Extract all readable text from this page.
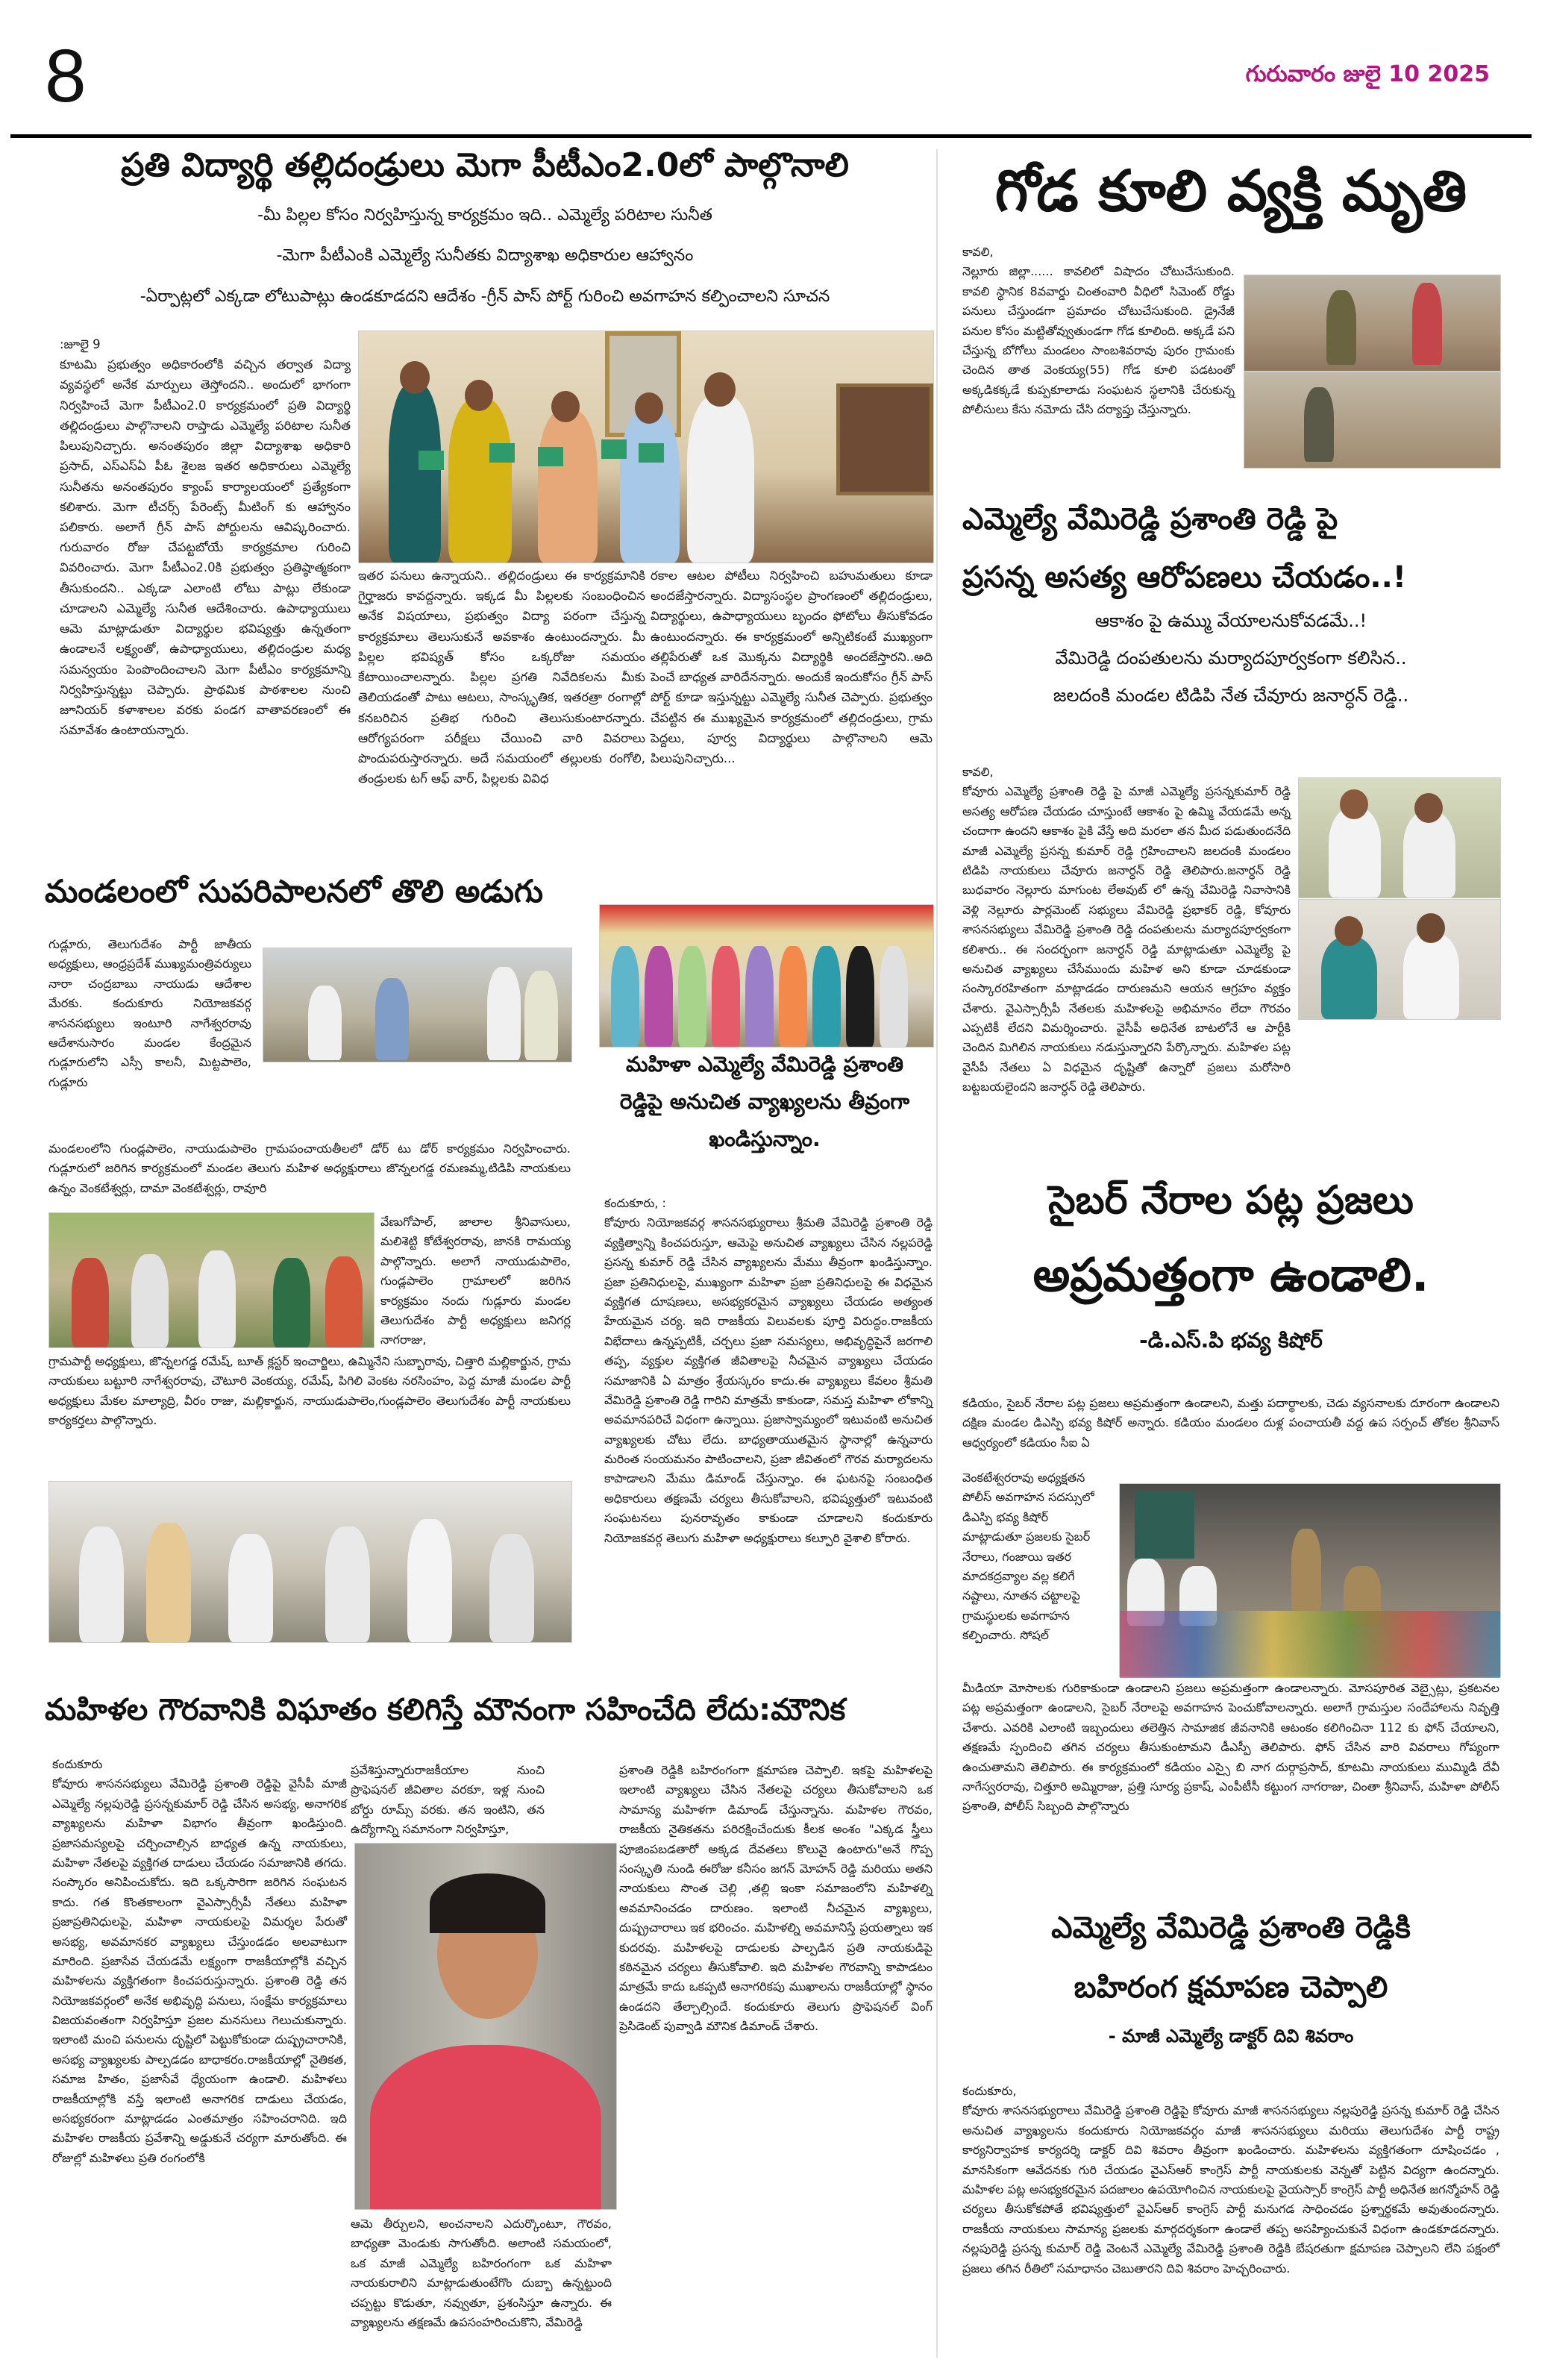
8	గురువారం జులై 10 2025
ప్రతి విద్యార్థి తల్లిదండ్రులు మెగా పీటీఎం2.0లో పాల్గొనాలి
-మీ పిల్లల కోసం నిర్వహిస్తున్న కార్యక్రమం ఇది.. ఎమ్మెల్యే పరిటాల సునీత
-మెగా పీటీఎంకి ఎమ్మెల్యే సునీతకు విద్యాశాఖ అధికారుల ఆహ్వానం
-ఏర్పాట్లలో ఎక్కడా లోటుపాట్లు ఉండకూడదని ఆదేశం -గ్రీన్ పాస్ పోర్ట్ గురించి అవగాహన కల్పించాలని సూచన

:జూలై 9

కూటమి ప్రభుత్వం అధికారంలోకి వచ్చిన తర్వాత విద్యా వ్యవస్థలో అనేక మార్పులు తెస్తోందని.. అందులో భాగంగా నిర్వహించే మెగా పీటీఎం2.0 కార్యక్రమంలో ప్రతి విద్యార్థి తల్లిదండ్రులు పాల్గొనాలని రాప్తాడు ఎమ్మెల్యే పరిటాల సునీత పిలుపునిచ్చారు. అనంతపురం జిల్లా విద్యాశాఖ అధికారి ప్రసాద్, ఎస్ఎస్ఏ పీఓ శైలజ ఇతర అధికారులు ఎమ్మెల్యే సునీతను అనంతపురం క్యాంప్ కార్యాలయంలో ప్రత్యేకంగా కలిశారు. మెగా టీచర్స్ పేరెంట్స్ మీటింగ్ కు ఆహ్వానం పలికారు. అలాగే గ్రీన్ పాస్ పోర్టులను ఆవిష్కరించారు. గురువారం రోజు చేపట్టబోయే కార్యక్రమాల గురించి వివరించారు. మెగా పీటీఎం2.0కి ప్రభుత్వం ప్రతిష్ఠాత్మకంగా తీసుకుందని.. ఎక్కడా ఎలాంటి లోటు పాట్లు లేకుండా చూడాలని ఎమ్మెల్యే సునీత ఆదేశించారు. ఉపాధ్యాయులు ఆమె మాట్లాడుతూ విద్యార్థుల భవిష్యత్తు ఉన్నతంగా ఉండాలనే లక్ష్యంతో, ఉపాధ్యాయులు, తల్లిదండ్రుల మధ్య సమన్వయం పెంపొందించాలని మెగా పీటీఎం కార్యక్రమాన్ని నిర్వహిస్తున్నట్టు చెప్పారు. ప్రాథమిక పాఠశాలల నుంచి జూనియర్ కళాశాలల వరకు పండగ వాతావరణంలో ఈ సమావేశం ఉంటాయన్నారు.

ఇతర పనులు ఉన్నాయని.. తల్లిదండ్రులు ఈ కార్యక్రమానికి గైర్హాజరు కావద్దన్నారు. ఇక్కడ మీ పిల్లలకు సంబంధించిన అనేక విషయాలు, ప్రభుత్వం విద్యా పరంగా చేస్తున్న కార్యక్రమాలు తెలుసుకునే అవకాశం ఉంటుందన్నారు. మీ పిల్లల భవిష్యత్ కోసం ఒక్కరోజు సమయం కేటాయించాలన్నారు. పిల్లల ప్రగతి నివేదికలను మీకు తెలియడంతో పాటు ఆటలు, సాంస్కృతిక, ఇతరత్రా రంగాల్లో కనబరిచిన ప్రతిభ గురించి తెలుసుకుంటారన్నారు. ఆరోగ్యపరంగా పరీక్షలు చేయించి వారి వివరాలు పొందుపరుస్తారన్నారు. అదే సమయంలో తల్లులకు రంగోలి, తండ్రులకు టగ్ ఆఫ్ వార్, పిల్లలకు వివిధ

రకాల ఆటల పోటీలు నిర్వహించి బహుమతులు కూడా అందజేస్తారన్నారు. విద్యాసంస్థల ప్రాంగణంలో తల్లిదండ్రులు, విద్యార్థులు, ఉపాధ్యాయులు బృందం ఫోటోలు తీసుకోవడం ఉంటుందన్నారు. ఈ కార్యక్రమంలో అన్నిటికంటే ముఖ్యంగా తల్లిపేరుతో ఒక మొక్కను విద్యార్థికి అందజేస్తారని..అది పెంచే బాధ్యత వారిదేనన్నారు. అందుకే ఇందుకోసం గ్రీన్ పాస్ పోర్ట్ కూడా ఇస్తున్నట్టు ఎమ్మెల్యే సునీత చెప్పారు. ప్రభుత్వం చేపట్టిన ఈ ముఖ్యమైన కార్యక్రమంలో తల్లిదండ్రులు, గ్రామ పెద్దలు, పూర్వ విద్యార్థులు పాల్గొనాలని ఆమె పిలుపునిచ్చారు...

గోడ కూలి వ్యక్తి మృతి

కావలి,

నెల్లూరు జిల్లా...... కావలిలో విషాదం చోటుచేసుకుంది. కావలి స్థానిక 8వవార్డు చింతంవారి వీధిలో సిమెంట్ రోడ్డు పనులు చేస్తుండగా ప్రమాదం చోటుచేసుకుంది. డ్రైనేజీ పనుల కోసం మట్టితోవ్వుతుండగా గోడ కూలింది. అక్కడే పని చేస్తున్న బోగోలు మండలం సాంబశివరావు పురం గ్రామంకు చెందిన తాత వెంకయ్య(55) గోడ కూలి పడటంతో అక్కడికక్కడే కుప్పకూలాడు సంఘటన స్థలానికి చేరుకున్న పోలీసులు కేసు నమోదు చేసి దర్యాప్తు చేస్తున్నారు.

ఎమ్మెల్యే వేమిరెడ్డి ప్రశాంతి రెడ్డి పై
ప్రసన్న అసత్య ఆరోపణలు చేయడం..!
ఆకాశం పై ఉమ్ము వేయాలనుకోవడమే..!
వేమిరెడ్డి దంపతులను మర్యాదపూర్వకంగా కలిసిన..
జలదంకి మండల టిడిపి నేత చేవూరు జనార్ధన్ రెడ్డి..

కావలి,

కోవూరు ఎమ్మెల్యే ప్రశాంతి రెడ్డి పై మాజీ ఎమ్మెల్యే ప్రసన్నకుమార్ రెడ్డి అసత్య ఆరోపణ చేయడం చూస్తుంటే ఆకాశం పై ఉమ్మి వేయడమే అన్న చందాగా ఉందని ఆకాశం పైకి వేస్తే అది మరలా తన మీద పడుతుందనేది మాజీ ఎమ్మెల్యే ప్రసన్న కుమార్ రెడ్డి గ్రహించాలని జలదంకి మండలం టిడిపి నాయకులు చేవూరు జనార్ధన్ రెడ్డి తెలిపారు.జనార్ధన్ రెడ్డి బుధవారం నెల్లూరు మాగుంట లేఅవుట్ లో ఉన్న వేమిరెడ్డి నివాసానికి వెళ్లి నెల్లూరు పార్లమెంట్ సభ్యులు వేమిరెడ్డి ప్రభాకర్ రెడ్డి, కోవూరు శాసనసభ్యులు వేమిరెడ్డి ప్రశాంతి రెడ్డి దంపతులను మర్యాదపూర్వకంగా కలిశారు.. ఈ సందర్భంగా జనార్ధన్ రెడ్డి మాట్లాడుతూ ఎమ్మెల్యే పై అనుచిత వ్యాఖ్యలు చేసేముందు మహిళ అని కూడా చూడకుండా సంస్కారరహితంగా మాట్లాడడం దారుణమని ఆయన ఆగ్రహం వ్యక్తం చేశారు. వైఎస్సార్సీపీ నేతలకు మహిళలపై అభిమానం లేదా గౌరవం ఎప్పటికీ లేదని విమర్శించారు. వైసీపీ అధినేత బాటలోనే ఆ పార్టీకి చెందిన మిగిలిన నాయకులు నడుస్తున్నారని పేర్కొన్నారు. మహిళల పట్ల వైసీపీ నేతలు ఏ విధమైన దృష్టితో ఉన్నారో ప్రజలు మరోసారి బట్టబయలైందని జనార్ధన్ రెడ్డి తెలిపారు.

మండలంలో సుపరిపాలనలో తొలి అడుగు

గుడ్లూరు, తెలుగుదేశం పార్టీ జాతీయ అధ్యక్షులు, ఆంధ్రప్రదేశ్ ముఖ్యమంత్రివర్యులు నారా చంద్రబాబు నాయుడు ఆదేశాల మేరకు. కందుకూరు నియోజకవర్గ శాసనసభ్యులు ఇంటూరి నాగేశ్వరరావు ఆదేశానుసారం మండల కేంద్రమైన గుడ్లూరులోని ఎస్సీ కాలనీ, మిట్టపాలెం, గుడ్లూరు

మండలంలోని గుండ్లపాలెం, నాయుడుపాలెం గ్రామపంచాయతీలలో డోర్ టు డోర్ కార్యక్రమం నిర్వహించారు. గుడ్లూరులో జరిగిన కార్యక్రమంలో మండల తెలుగు మహిళ అధ్యక్షురాలు జొన్నలగడ్డ రమణమ్మ,టిడిపి నాయకులు ఉన్నం వెంకటేశ్వర్లు, దామా వెంకటేశ్వర్లు, రావూరి

వేణుగోపాల్, జాలాల శ్రీనివాసులు, మలిశెట్టి కోటేశ్వరరావు, జానకి రామయ్య పాల్గొన్నారు. అలాగే నాయుడుపాలెం, గుండ్లపాలెం గ్రామాలలో జరిగిన కార్యక్రమం నందు గుడ్లూరు మండల తెలుగుదేశం పార్టీ అధ్యక్షులు జనిగర్ల నాగరాజు,

గ్రామపార్టీ అధ్యక్షులు, జొన్నలగడ్డ రమేష్, బూత్ క్లస్టర్ ఇంచార్జిలు, ఉమ్మినేని సుబ్బారావు, చిత్తారి మల్లికార్జున, గ్రామ నాయకులు బట్టూరి నాగేశ్వరరావు, చౌటూరి వెంకయ్య, రమేష్, పిగిలి వెంకట నరసింహం, పెద్ద మాజీ మండల పార్టీ అధ్యక్షులు మేకల మాల్యాద్రి, వీరం రాజు, మల్లికార్జున, నాయుడుపాలెం,గుండ్లపాలెం తెలుగుదేశం పార్టీ నాయకులు కార్యకర్తలు పాల్గొన్నారు.

మహిళా ఎమ్మెల్యే వేమిరెడ్డి ప్రశాంతి
రెడ్డిపై అనుచిత వ్యాఖ్యలను తీవ్రంగా
ఖండిస్తున్నాం.

కందుకూరు, :

కోవూరు నియోజకవర్గ శాసనసభ్యురాలు శ్రీమతి వేమిరెడ్డి ప్రశాంతి రెడ్డి వ్యక్తిత్వాన్ని కించపరుస్తూ, ఆమెపై అనుచిత వ్యాఖ్యలు చేసిన నల్లపరెడ్డి ప్రసన్న కుమార్ రెడ్డి చేసిన వ్యాఖ్యలను మేము తీవ్రంగా ఖండిస్తున్నాం. ప్రజా ప్రతినిధులపై, ముఖ్యంగా మహిళా ప్రజా ప్రతినిధులపై ఈ విధమైన వ్యక్తిగత దూషణలు, అసభ్యకరమైన వ్యాఖ్యలు చేయడం అత్యంత హేయమైన చర్య. ఇది రాజకీయ విలువలకు పూర్తి విరుద్ధం.రాజకీయ విభేదాలు ఉన్నప్పటికీ, చర్చలు ప్రజా సమస్యలు, అభివృద్ధిపైనే జరగాలి తప్ప, వ్యక్తుల వ్యక్తిగత జీవితాలపై నీచమైన వ్యాఖ్యలు చేయడం సమాజానికి ఏ మాత్రం శ్రేయస్కరం కాదు.ఈ వ్యాఖ్యలు కేవలం శ్రీమతి వేమిరెడ్డి ప్రశాంతి రెడ్డి గారిని మాత్రమే కాకుండా, సమస్త మహిళా లోకాన్ని అవమానపరిచే విధంగా ఉన్నాయి. ప్రజాస్వామ్యంలో ఇటువంటి అనుచిత వ్యాఖ్యలకు చోటు లేదు. బాధ్యతాయుతమైన స్థానాల్లో ఉన్నవారు మరింత సంయమనం పాటించాలని, ప్రజా జీవితంలో గౌరవ మర్యాదలను కాపాడాలని మేము డిమాండ్ చేస్తున్నాం. ఈ ఘటనపై సంబంధిత అధికారులు తక్షణమే చర్యలు తీసుకోవాలని, భవిష్యత్తులో ఇటువంటి సంఘటనలు పునరావృతం కాకుండా చూడాలని కందుకూరు నియోజకవర్గ తెలుగు మహిళా అధ్యక్షురాలు కల్పూరి వైశాలి కోరారు.

సైబర్ నేరాల పట్ల ప్రజలు
అప్రమత్తంగా ఉండాలి.
-డి.ఎస్.పి భవ్య కిషోర్

కడియం, సైబర్ నేరాల పట్ల ప్రజలు అప్రమత్తంగా ఉండాలని, మత్తు పదార్థాలకు, చెడు వ్యసనాలకు దూరంగా ఉండాలని దక్షిణ మండల డిఎస్పి భవ్య కిషోర్ అన్నారు. కడియం మండలం దుళ్ల పంచాయతీ వద్ద ఉప సర్పంచ్ తోకల శ్రీనివాస్ ఆధ్వర్యంలో కడియం సీఐ ఏ

వెంకటేశ్వరరావు అధ్యక్షతన పోలీస్ అవగాహన సదస్సులో డిఎస్పి భవ్య కిషోర్ మాట్లాడుతూ ప్రజలకు సైబర్ నేరాలు, గంజాయి ఇతర మాదకద్రవ్యాల వల్ల కలిగే నష్టాలు, నూతన చట్టాలపై గ్రామస్థులకు అవగాహన కల్పించారు. సోషల్

మీడియా మోసాలకు గురికాకుండా ఉండాలని ప్రజలు అప్రమత్తంగా ఉండాలన్నారు. మోసపూరిత వెబ్సైట్లు, ప్రకటనల పట్ల అప్రమత్తంగా ఉండాలని, సైబర్ నేరాలపై అవగాహన పెంచుకోవాలన్నారు. అలాగే గ్రామస్తుల సందేహాలను నివృత్తి చేశారు. ఎవరికి ఎలాంటి ఇబ్బందులు తలెత్తిన సామాజిక జీవనానికి ఆటంకం కలిగించినా 112 కు ఫోన్ చేయాలని, తక్షణమే స్పందించి తగిన చర్యలు తీసుకుంటామని డీఎస్పీ తెలిపారు. ఫోన్ చేసిన వారి వివరాలు గోప్యంగా ఉంచుతామని తెలిపారు. ఈ కార్యక్రమంలో కడియం ఎస్సై బి నాగ దుర్గాప్రసాద్, కూటమి నాయకులు ముమ్మిడి దేవీ నాగేస్వరరావు, చిత్తూరి అమ్మిరాజు, ప్రత్తి సూర్య ప్రకాష్, ఎంపీటీసీ కట్టుంగ నాగరాజు, చింతా శ్రీనివాస్, మహిళా పోలీస్ ప్రశాంతి, పోలీస్ సిబ్బంది పాల్గొన్నారు

మహిళల గౌరవానికి విఘాతం కలిగిస్తే మౌనంగా సహించేది లేదు:మౌనిక

కందుకూరు

కోవూరు శాసనసభ్యులు వేమిరెడ్డి ప్రశాంతి రెడ్డిపై వైసీపీ మాజీ ఎమ్మెల్యే నల్లపురెడ్డి ప్రసన్నకుమార్ రెడ్డి చేసిన అసభ్య, అనాగరిక వ్యాఖ్యలను మహిళా విభాగం తీవ్రంగా ఖండిస్తుంది. ప్రజాసమస్యలపై చర్చించాల్సిన బాధ్యత ఉన్న నాయకులు, మహిళా నేతలపై వ్యక్తిగత దాడులు చేయడం సమాజానికి తగదు. సంస్కారం అనిపించుకోదు. ఇది ఒక్కసారిగా జరిగిన సంఘటన కాదు. గత కొంతకాలంగా వైఎస్సార్సీపీ నేతలు మహిళా ప్రజాప్రతినిధులపై, మహిళా నాయకులపై విమర్శల పేరుతో అసభ్య, అవమానకర వ్యాఖ్యలు చేస్తుండడం అలవాటుగా మారింది. ప్రజాసేవ చేయడమే లక్ష్యంగా రాజకీయాల్లోకి వచ్చిన మహిళలను వ్యక్తిగతంగా కించపరుస్తున్నారు. ప్రశాంతి రెడ్డి తన నియోజకవర్గంలో అనేక అభివృద్ధి పనులు, సంక్షేమ కార్యక్రమాలు విజయవంతంగా నిర్వహిస్తూ ప్రజల మనసులు గెలుచుకున్నారు. ఇలాంటి మంచి పనులను దృష్టిలో పెట్టుకోకుండా దుష్ప్రచారానికి, అసభ్య వ్యాఖ్యలకు పాల్పడడం బాధాకరం.రాజకీయాల్లో నైతికత, సమాజ హితం, ప్రజాసేవే ధ్యేయంగా ఉండాలి. మహిళలు రాజకీయాల్లోకి వస్తే ఇలాంటి అనాగరిక దాడులు చేయడం, అసభ్యకరంగా మాట్లాడడం ఎంతమాత్రం సహించరానిది. ఇది మహిళల రాజకీయ ప్రవేశాన్ని అడ్డుకునే చర్యగా మారుతోంది. ఈ రోజుల్లో మహిళలు ప్రతి రంగంలోకి

ప్రవేశిస్తున్నారురాజకీయాల నుంచి ప్రొఫెషనల్ జీవితాల వరకూ, ఇళ్ల నుంచి బోర్డు రూమ్స్ వరకు. తన ఇంటిని, తన ఉద్యోగాన్ని సమానంగా నిర్వహిస్తూ,

ఆమె తీర్చులని, అంచనాలని ఎదుర్కొంటూ, గౌరవం, బాధ్యతా మెండుకు సాగుతోంది. అలాంటి సమయంలో, ఒక మాజీ ఎమ్మెల్యే బహిరంగంగా ఒక మహిళా నాయకురాలిని మాట్లాడుతుంటేగొం దుబ్బా ఉన్నట్టుంది చప్పట్టు కొడుతూ, నవ్వుతూ, ప్రశంసిస్తూ ఉన్నారు. ఈ వ్యాఖ్యలను తక్షణమే ఉపసంహరించుకొని, వేమిరెడ్డి

ప్రశాంతి రెడ్డికి బహిరంగంగా క్షమాపణ చెప్పాలి. ఇకపై మహిళలపై ఇలాంటి వ్యాఖ్యలు చేసిన నేతలపై చర్యలు తీసుకోవాలని ఒక సామాన్య మహిళగా డిమాండ్ చేస్తున్నాను. మహిళల గౌరవం, రాజకీయ నైతికతను పరిరక్షించేందుకు కీలక అంశం "ఎక్కడ స్త్రీలు పూజింపబడతారో అక్కడ దేవతలు కొలువై ఉంటారు"అనే గొప్ప సంస్కృతి నుండి ఈరోజు కనీసం జగన్ మోహన్ రెడ్డి మరియు అతని నాయకులు సొంత చెల్లి ,తల్లి ఇంకా సమాజంలోని మహిళల్ని అవమానించడం దారుణం. ఇలాంటి నీచమైన వ్యాఖ్యలు, దుష్ప్రచారాలు ఇక భరించం. మహిళల్ని అవమానిస్తే ప్రయత్నాలు ఇక కుదరవు. మహిళలపై దాడులకు పాల్పడిన ప్రతి నాయకుడిపై కఠినమైన చర్యలు తీసుకోవాలి. ఇది మహిళల గౌరవాన్ని కాపాడటం మాత్రమే కాదు ఒకప్పటి ఆనాగరికపు ముఖాలను రాజకీయాల్లో స్థానం ఉండదని తేల్చాల్సిందే. కందుకూరు తెలుగు ప్రొఫెషనల్ వింగ్ ప్రెసిడెంట్ పువ్వాడి మౌనిక డిమాండ్ చేశారు.

ఎమ్మెల్యే వేమిరెడ్డి ప్రశాంతి రెడ్డికి
బహిరంగ క్షమాపణ చెప్పాలి
- మాజీ ఎమ్మెల్యే డాక్టర్ దివి శివరాం

కందుకూరు,

కోవూరు శాసనసభ్యురాలు వేమిరెడ్డి ప్రశాంతి రెడ్డిపై కోవూరు మాజీ శాసనసభ్యులు నల్లపురెడ్డి ప్రసన్న కుమార్ రెడ్డి చేసిన అనుచిత వ్యాఖ్యలను కందుకూరు నియోజకవర్గం మాజీ శాసనసభ్యులు మరియు తెలుగుదేశం పార్టీ రాష్ట్ర కార్యనిర్వాహక కార్యదర్శి డాక్టర్ దివి శివరాం తీవ్రంగా ఖండించారు. మహిళలను వ్యక్తిగతంగా దూషించడం , మానసికంగా ఆవేదనకు గురి చేయడం వైఎస్ఆర్ కాంగ్రెస్ పార్టీ నాయకులకు వెన్నతో పెట్టిన విద్యగా ఉందన్నారు. మహిళల పట్ల అసభ్యకరమైన పదజాలం ఉపయోగించిన నాయకులపై వైయస్సార్ కాంగ్రెస్ పార్టీ అధినేత జగన్మోహన్ రెడ్డి చర్యలు తీసుకోకపోతే భవిష్యత్తులో వైఎస్ఆర్ కాంగ్రెస్ పార్టీ మనుగడ సాధించడం ప్రశ్నార్థకమే అవుతుందన్నారు. రాజకీయ నాయకులు సామాన్య ప్రజలకు మార్గదర్శకంగా ఉండాలే తప్ప అసహ్యించుకునే విధంగా ఉండకూడదన్నారు. నల్లపురెడ్డి ప్రసన్న కుమార్ రెడ్డి వెంటనే ఎమ్మెల్యే వేమిరెడ్డి ప్రశాంతి రెడ్డికి బేషరతుగా క్షమాపణ చెప్పాలని లేని పక్షంలో ప్రజలు తగిన రీతిలో సమాధానం చెబుతారని దివి శివరాం హెచ్చరించారు.
